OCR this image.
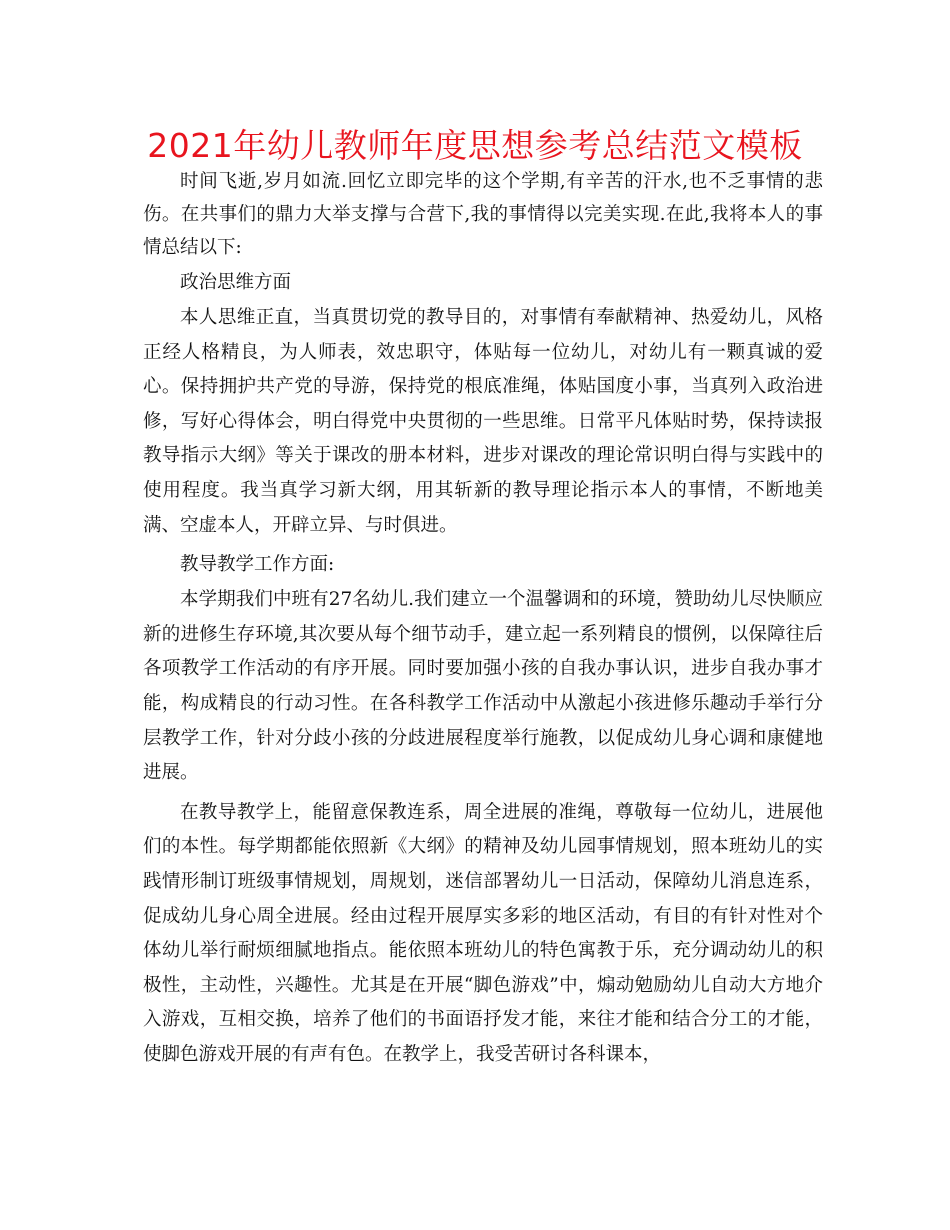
2021年幼儿教师年度思想参考总结范文模板

时间飞逝,岁月如流.回忆立即完毕的这个学期,有辛苦的汗水,也不乏事情的悲伤。在共事们的鼎力大举支撑与合营下,我的事情得以完美实现.在此,我将本人的事情总结以下:

政治思维方面

本人思维正直，当真贯切党的教导目的，对事情有奉献精神、热爱幼儿，风格正经人格精良，为人师表，效忠职守，体贴每一位幼儿，对幼儿有一颗真诚的爱心。保持拥护共产党的导游，保持党的根底准绳，体贴国度小事，当真列入政治进修，写好心得体会，明白得党中央贯彻的一些思维。日常平凡体贴时势，保持读报教导指示大纲》等关于课改的册本材料，进步对课改的理论常识明白得与实践中的使用程度。我当真学习新大纲，用其斩新的教导理论指示本人的事情，不断地美满、空虚本人，开辟立异、与时俱进。

教导教学工作方面:

本学期我们中班有27名幼儿.我们建立一个温馨调和的环境，赞助幼儿尽快顺应新的进修生存环境,其次要从每个细节动手，建立起一系列精良的惯例，以保障往后各项教学工作活动的有序开展。同时要加强小孩的自我办事认识，进步自我办事才能，构成精良的行动习性。在各科教学工作活动中从激起小孩进修乐趣动手举行分层教学工作，针对分歧小孩的分歧进展程度举行施教，以促成幼儿身心调和康健地进展。

在教导教学上，能留意保教连系，周全进展的准绳，尊敬每一位幼儿，进展他们的本性。每学期都能依照新《大纲》的精神及幼儿园事情规划，照本班幼儿的实践情形制订班级事情规划，周规划，迷信部署幼儿一日活动，保障幼儿消息连系，促成幼儿身心周全进展。经由过程开展厚实多彩的地区活动，有目的有针对性对个体幼儿举行耐烦细腻地指点。能依照本班幼儿的特色寓教于乐，充分调动幼儿的积极性，主动性，兴趣性。尤其是在开展“脚色游戏”中，煽动勉励幼儿自动大方地介入游戏，互相交换，培养了他们的书面语抒发才能，来往才能和结合分工的才能，使脚色游戏开展的有声有色。在教学上，我受苦研讨各科课本，
